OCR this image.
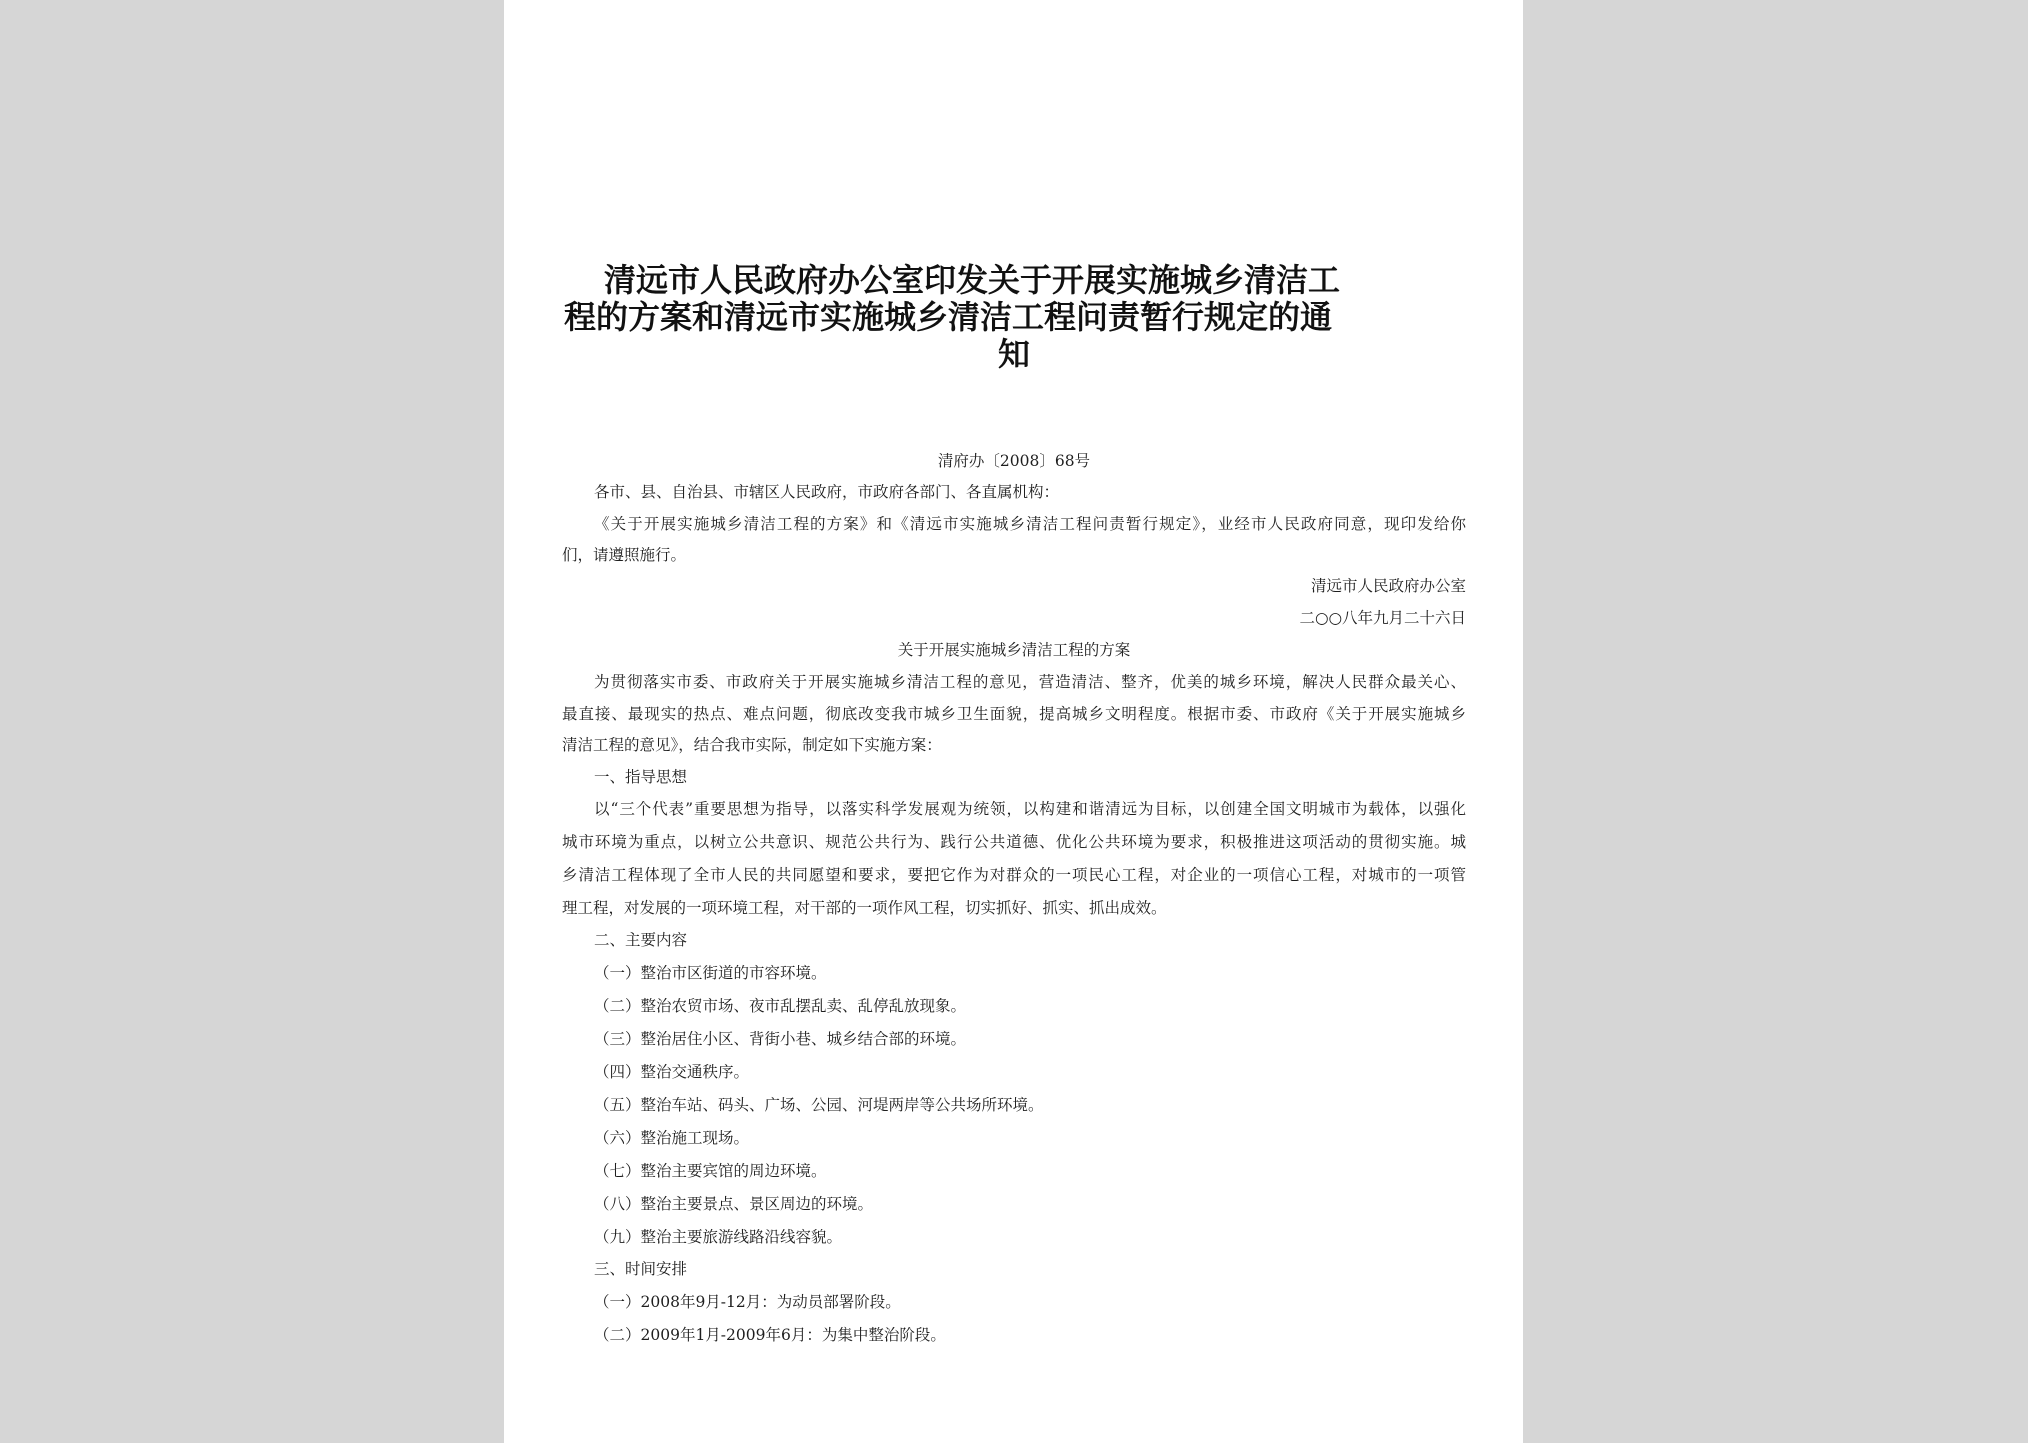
清远市人民政府办公室印发关于开展实施城乡清洁工
程的方案和清远市实施城乡清洁工程问责暂行规定的通
知
清府办〔2008〕68号
各市、县、自治县、市辖区人民政府，市政府各部门、各直属机构：
《关于开展实施城乡清洁工程的方案》和《清远市实施城乡清洁工程问责暂行规定》，业经市人民政府同意，现印发给你
们，请遵照施行。
清远市人民政府办公室
二○○八年九月二十六日
关于开展实施城乡清洁工程的方案
为贯彻落实市委、市政府关于开展实施城乡清洁工程的意见，营造清洁、整齐，优美的城乡环境，解决人民群众最关心、
最直接、最现实的热点、难点问题，彻底改变我市城乡卫生面貌，提高城乡文明程度。根据市委、市政府《关于开展实施城乡
清洁工程的意见》，结合我市实际，制定如下实施方案：
一、指导思想
以“三个代表”重要思想为指导，以落实科学发展观为统领，以构建和谐清远为目标，以创建全国文明城市为载体，以强化
城市环境为重点，以树立公共意识、规范公共行为、践行公共道德、优化公共环境为要求，积极推进这项活动的贯彻实施。城
乡清洁工程体现了全市人民的共同愿望和要求，要把它作为对群众的一项民心工程，对企业的一项信心工程，对城市的一项管
理工程，对发展的一项环境工程，对干部的一项作风工程，切实抓好、抓实、抓出成效。
二、主要内容
（一）整治市区街道的市容环境。
（二）整治农贸市场、夜市乱摆乱卖、乱停乱放现象。
（三）整治居住小区、背街小巷、城乡结合部的环境。
（四）整治交通秩序。
（五）整治车站、码头、广场、公园、河堤两岸等公共场所环境。
（六）整治施工现场。
（七）整治主要宾馆的周边环境。
（八）整治主要景点、景区周边的环境。
（九）整治主要旅游线路沿线容貌。
三、时间安排
（一）2008年9月-12月：为动员部署阶段。
（二）2009年1月-2009年6月：为集中整治阶段。
